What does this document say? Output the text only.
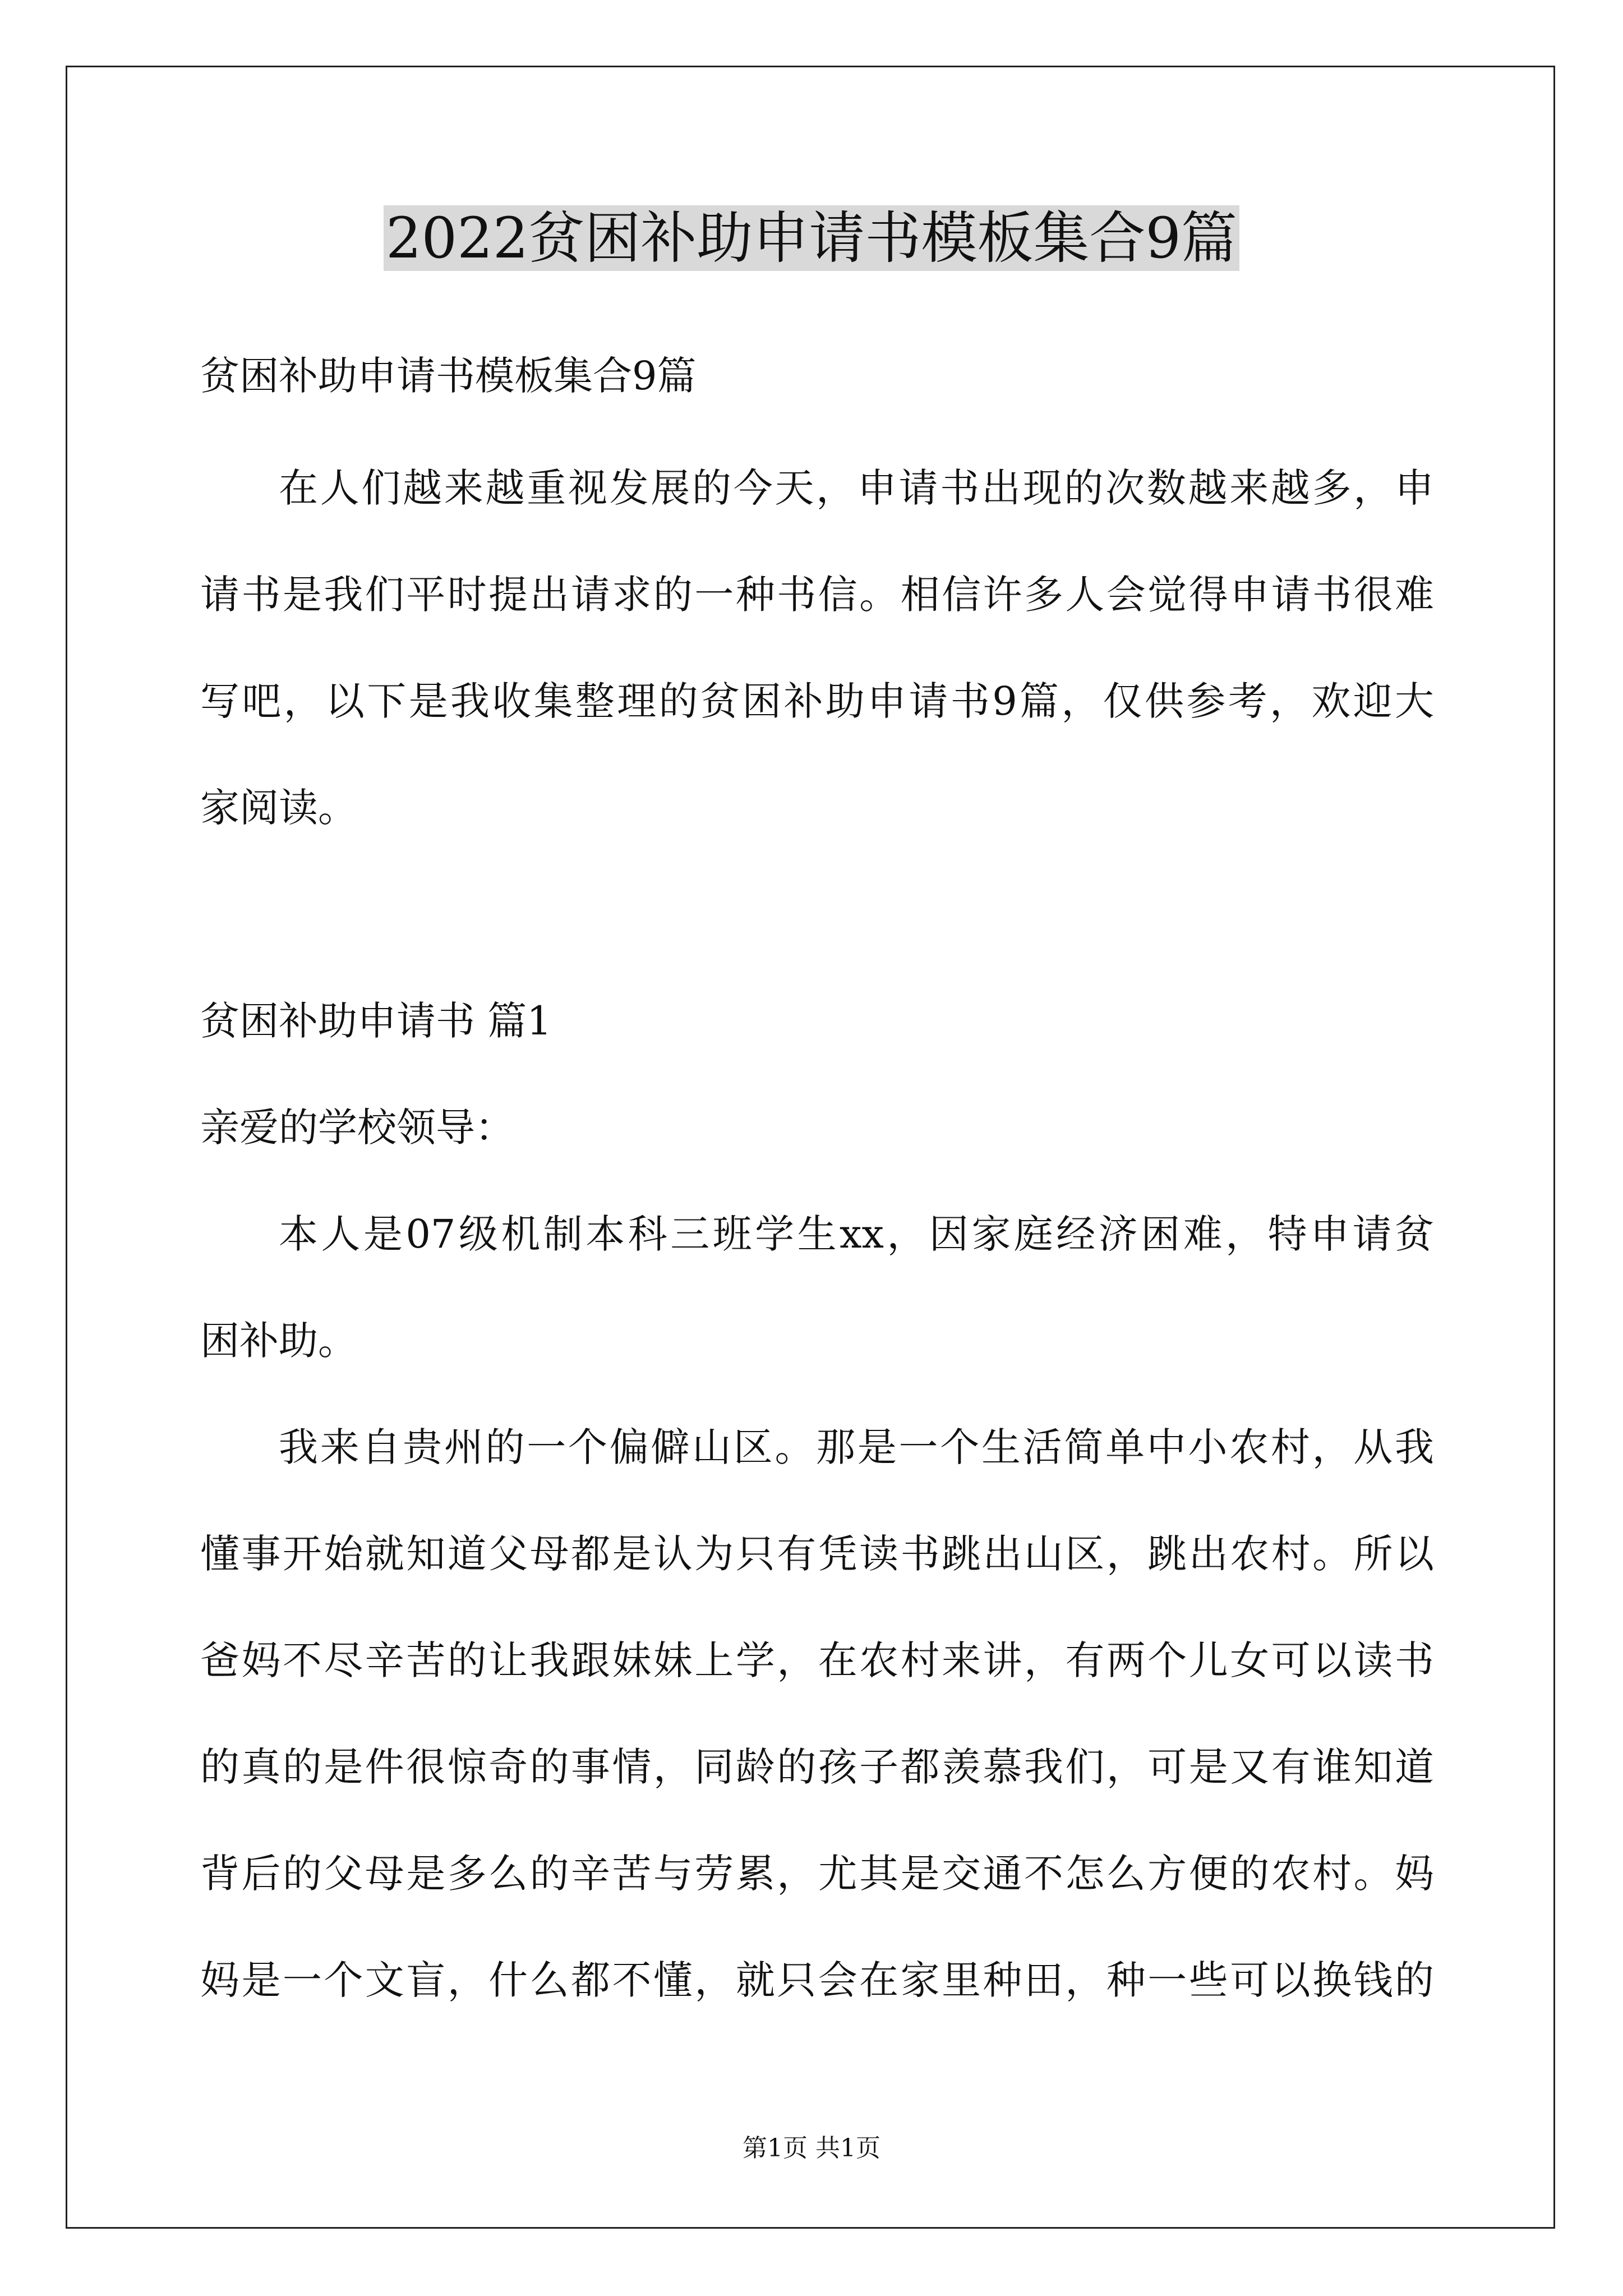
2022贫困补助申请书模板集合9篇
贫困补助申请书模板集合9篇
在人们越来越重视发展的今天，申请书出现的次数越来越多，申
请书是我们平时提出请求的一种书信。相信许多人会觉得申请书很难
写吧，以下是我收集整理的贫困补助申请书9篇，仅供参考，欢迎大
家阅读。
贫困补助申请书 篇1
亲爱的学校领导：
本人是07级机制本科三班学生xx，因家庭经济困难，特申请贫
困补助。
我来自贵州的一个偏僻山区。那是一个生活简单中小农村，从我
懂事开始就知道父母都是认为只有凭读书跳出山区，跳出农村。所以
爸妈不尽辛苦的让我跟妹妹上学，在农村来讲，有两个儿女可以读书
的真的是件很惊奇的事情，同龄的孩子都羡慕我们，可是又有谁知道
背后的父母是多么的辛苦与劳累，尤其是交通不怎么方便的农村。妈
妈是一个文盲，什么都不懂，就只会在家里种田，种一些可以换钱的
第1页 共1页
